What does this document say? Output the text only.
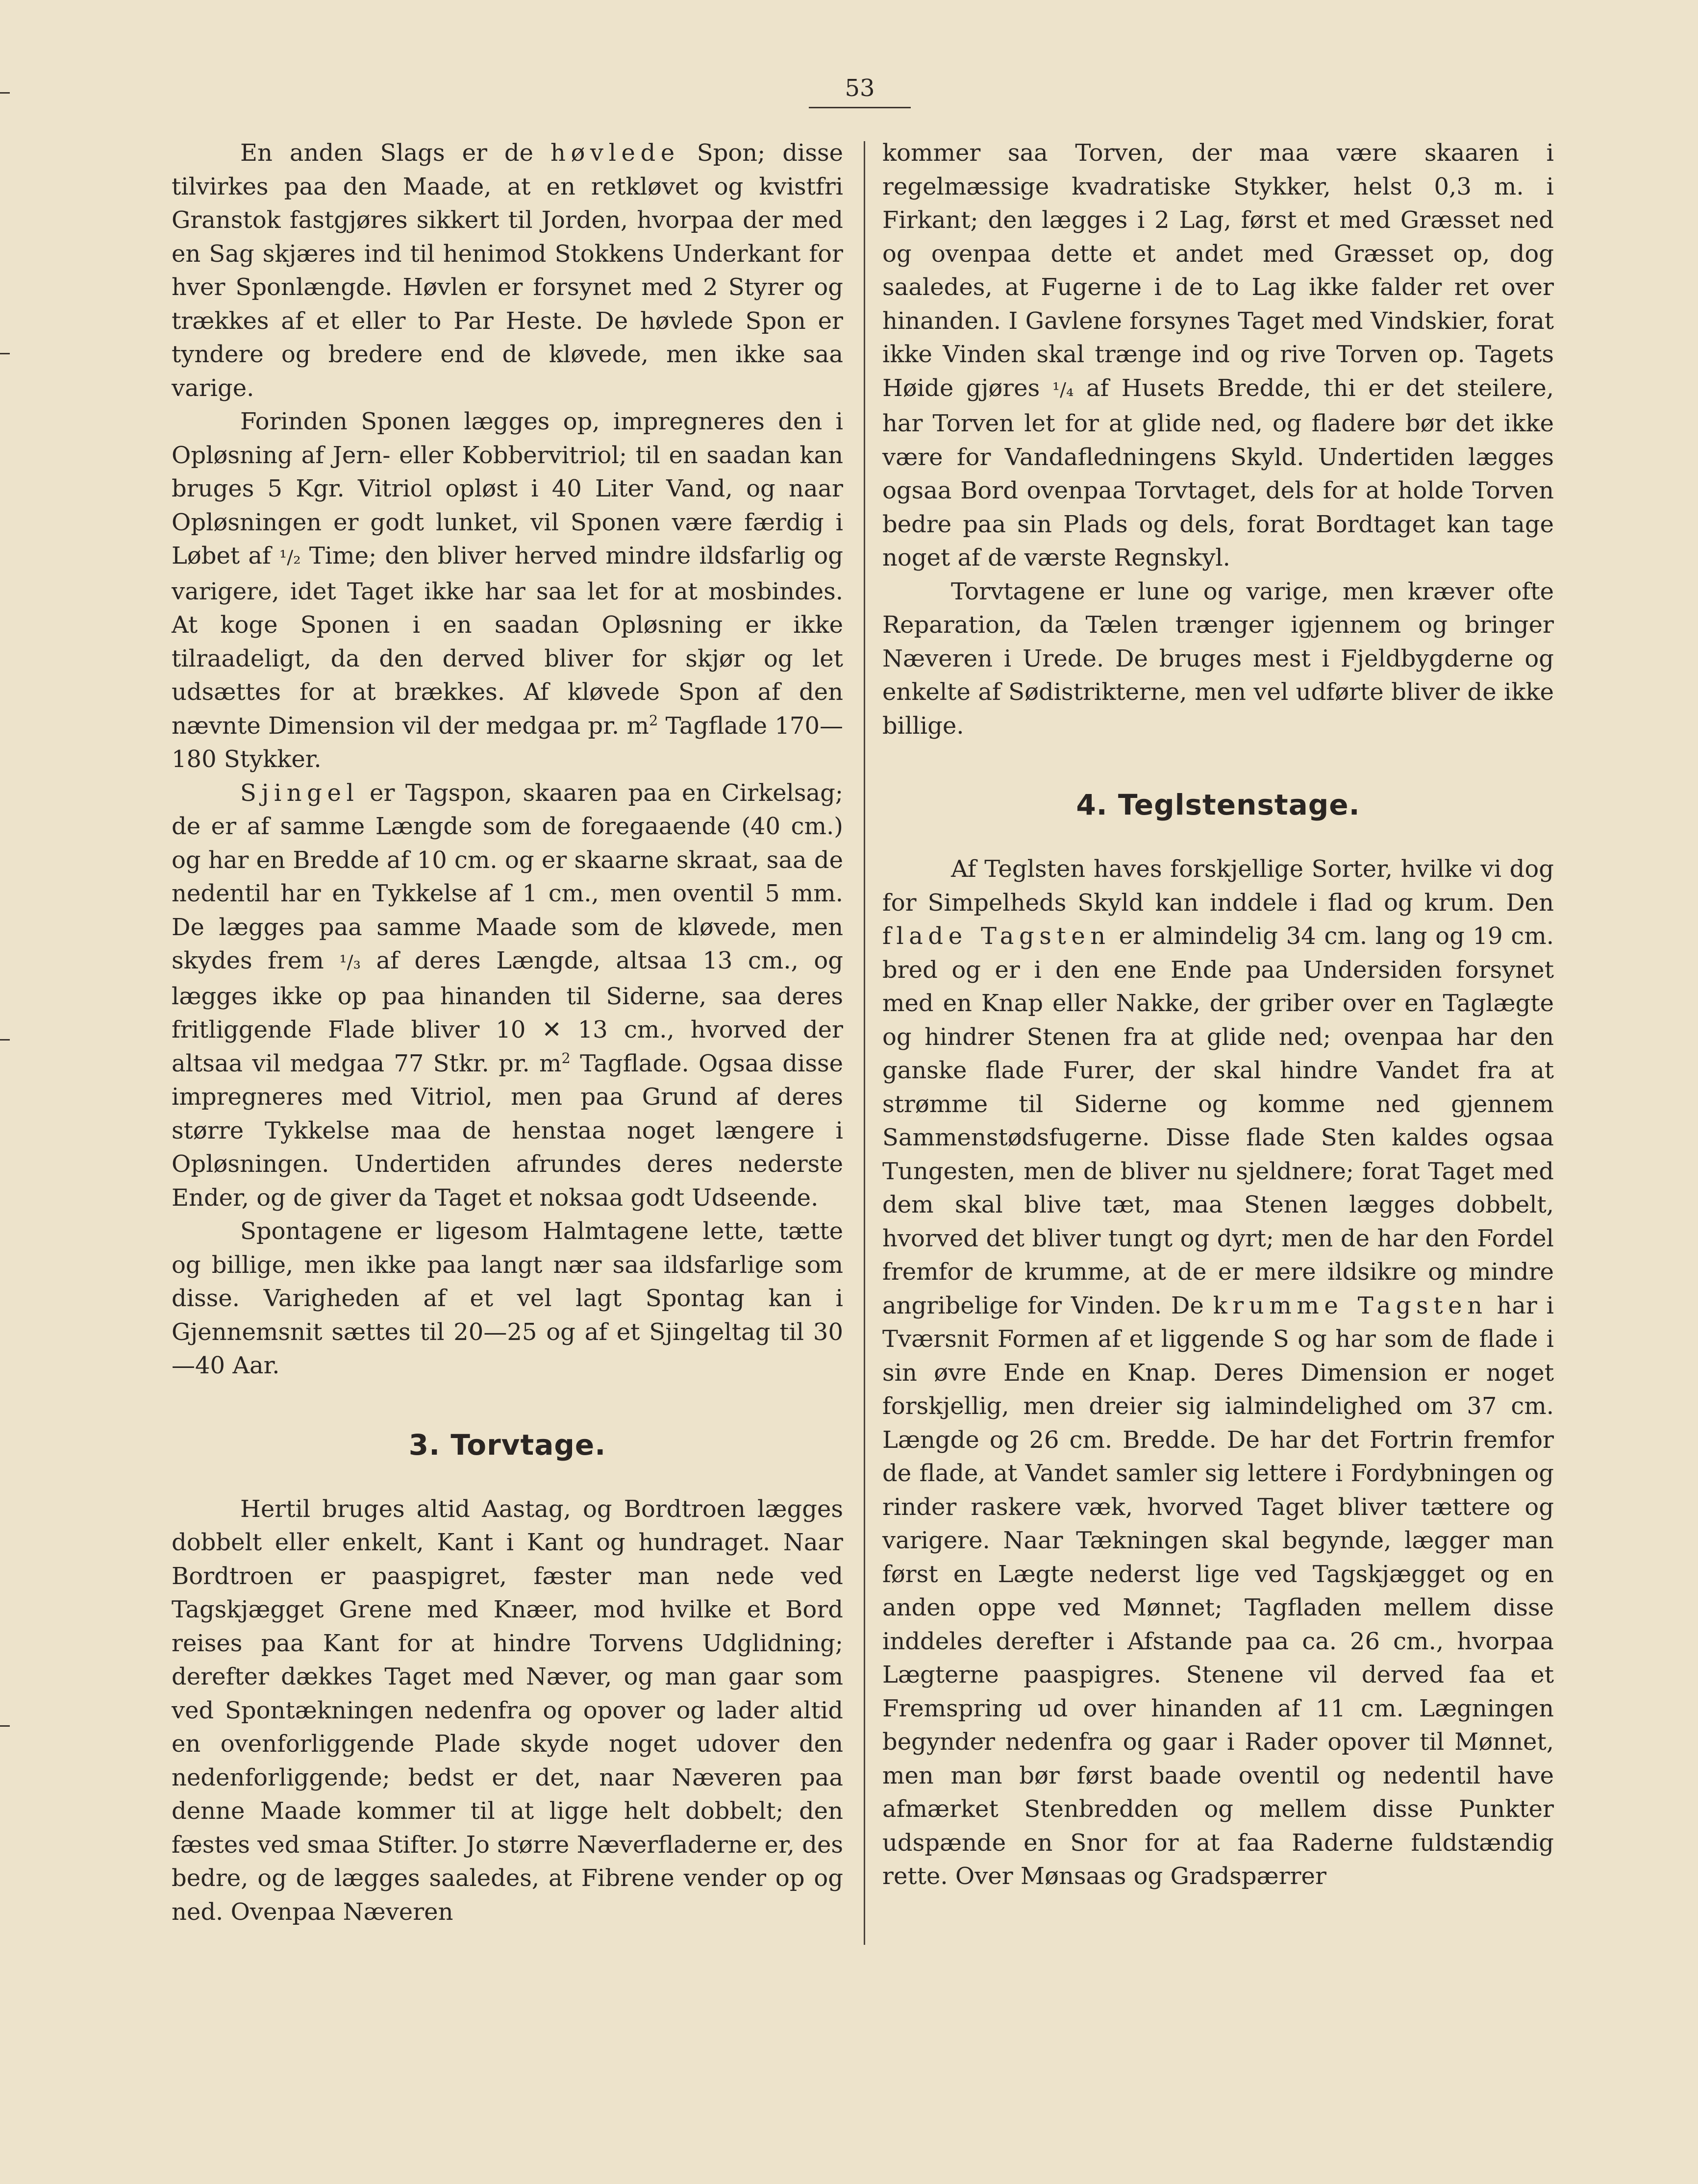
53

En anden Slags er de høvlede Spon; disse tilvirkes paa den Maade, at en retkløvet og kvistfri Granstok fastgjøres sikkert til Jorden, hvorpaa der med en Sag skjæres ind til henimod Stokkens Underkant for hver Sponlængde. Høvlen er forsynet med 2 Styrer og trækkes af et eller to Par Heste. De høvlede Spon er tyndere og bredere end de kløvede, men ikke saa varige.

Forinden Sponen lægges op, impregneres den i Opløsning af Jern- eller Kobbervitriol; til en saadan kan bruges 5 Kgr. Vitriol opløst i 40 Liter Vand, og naar Opløsningen er godt lunket, vil Sponen være færdig i Løbet af ¹/₂ Time; den bliver herved mindre ildsfarlig og varigere, idet Taget ikke har saa let for at mosbindes. At koge Sponen i en saadan Opløsning er ikke tilraadeligt, da den derved bliver for skjør og let udsættes for at brækkes. Af kløvede Spon af den nævnte Dimension vil der medgaa pr. $m^2$ Tagflade 170—180 Stykker.

Sjingel er Tagspon, skaaren paa en Cirkelsag; de er af samme Længde som de foregaaende (40 cm.) og har en Bredde af 10 cm. og er skaarne skraat, saa de nedentil har en Tykkelse af 1 cm., men oventil 5 mm. De lægges paa samme Maade som de kløvede, men skydes frem ¹/₃ af deres Længde, altsaa 13 cm., og lægges ikke op paa hinanden til Siderne, saa deres fritliggende Flade bliver 10 ✕ 13 cm., hvorved der altsaa vil medgaa 77 Stkr. pr. $m^2$ Tagflade. Ogsaa disse impregneres med Vitriol, men paa Grund af deres større Tykkelse maa de henstaa noget længere i Opløsningen. Undertiden afrundes deres nederste Ender, og de giver da Taget et noksaa godt Udseende.

Spontagene er ligesom Halmtagene lette, tætte og billige, men ikke paa langt nær saa ildsfarlige som disse. Varigheden af et vel lagt Spontag kan i Gjennemsnit sættes til 20—25 og af et Sjingeltag til 30—40 Aar.

3. Torvtage.

Hertil bruges altid Aastag, og Bordtroen lægges dobbelt eller enkelt, Kant i Kant og hundraget. Naar Bordtroen er paaspigret, fæster man nede ved Tagskjægget Grene med Knæer, mod hvilke et Bord reises paa Kant for at hindre Torvens Udglidning; derefter dækkes Taget med Næver, og man gaar som ved Spontækningen nedenfra og opover og lader altid en ovenforliggende Plade skyde noget udover den nedenforliggende; bedst er det, naar Næveren paa denne Maade kommer til at ligge helt dobbelt; den fæstes ved smaa Stifter. Jo større Næverfladerne er, des bedre, og de lægges saaledes, at Fibrene vender op og ned. Ovenpaa Næveren

kommer saa Torven, der maa være skaaren i regelmæssige kvadratiske Stykker, helst 0,3 m. i Firkant; den lægges i 2 Lag, først et med Græsset ned og ovenpaa dette et andet med Græsset op, dog saaledes, at Fugerne i de to Lag ikke falder ret over hinanden. I Gavlene forsynes Taget med Vindskier, forat ikke Vinden skal trænge ind og rive Torven op. Tagets Høide gjøres ¹/₄ af Husets Bredde, thi er det steilere, har Torven let for at glide ned, og fladere bør det ikke være for Vandafledningens Skyld. Undertiden lægges ogsaa Bord ovenpaa Torvtaget, dels for at holde Torven bedre paa sin Plads og dels, forat Bordtaget kan tage noget af de værste Regnskyl.

Torvtagene er lune og varige, men kræver ofte Reparation, da Tælen trænger igjennem og bringer Næveren i Urede. De bruges mest i Fjeldbygderne og enkelte af Sødistrikterne, men vel udførte bliver de ikke billige.

4. Teglstenstage.

Af Teglsten haves forskjellige Sorter, hvilke vi dog for Simpelheds Skyld kan inddele i flad og krum. Den flade Tagsten er almindelig 34 cm. lang og 19 cm. bred og er i den ene Ende paa Undersiden forsynet med en Knap eller Nakke, der griber over en Taglægte og hindrer Stenen fra at glide ned; ovenpaa har den ganske flade Furer, der skal hindre Vandet fra at strømme til Siderne og komme ned gjennem Sammenstødsfugerne. Disse flade Sten kaldes ogsaa Tungesten, men de bliver nu sjeldnere; forat Taget med dem skal blive tæt, maa Stenen lægges dobbelt, hvorved det bliver tungt og dyrt; men de har den Fordel fremfor de krumme, at de er mere ildsikre og mindre angribelige for Vinden. De krumme Tagsten har i Tværsnit Formen af et liggende S og har som de flade i sin øvre Ende en Knap. Deres Dimension er noget forskjellig, men dreier sig ialmindelighed om 37 cm. Længde og 26 cm. Bredde. De har det Fortrin fremfor de flade, at Vandet samler sig lettere i Fordybningen og rinder raskere væk, hvorved Taget bliver tættere og varigere. Naar Tækningen skal begynde, lægger man først en Lægte nederst lige ved Tagskjægget og en anden oppe ved Mønnet; Tagfladen mellem disse inddeles derefter i Afstande paa ca. 26 cm., hvorpaa Lægterne paaspigres. Stenene vil derved faa et Fremspring ud over hinanden af 11 cm. Lægningen begynder nedenfra og gaar i Rader opover til Mønnet, men man bør først baade oventil og nedentil have afmærket Stenbredden og mellem disse Punkter udspænde en Snor for at faa Raderne fuldstændig rette. Over Mønsaas og Gradspærrer
